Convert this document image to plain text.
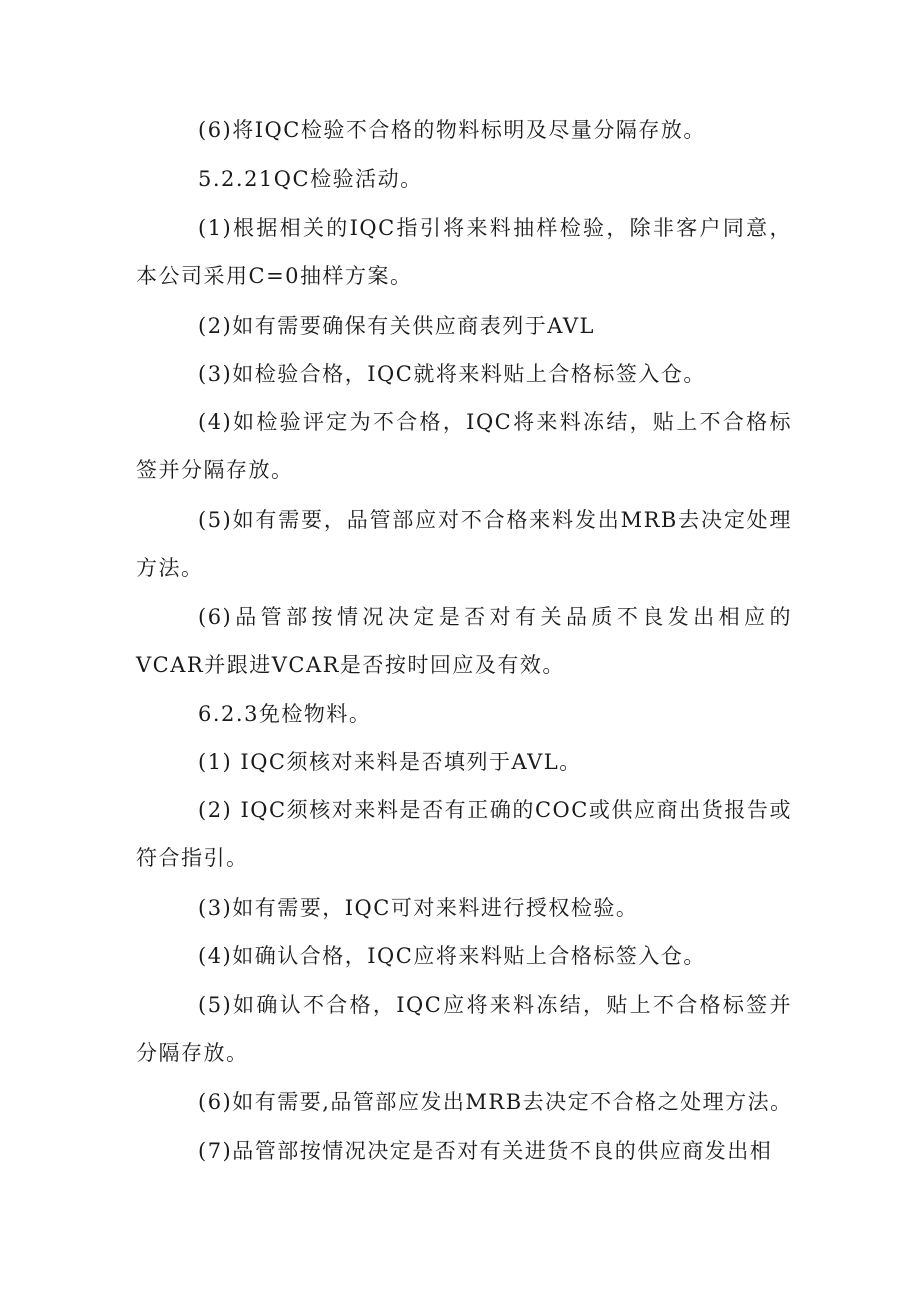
(6)将IQC检验不合格的物料标明及尽量分隔存放。

5.2.21QC检验活动。

(1)根据相关的IQC指引将来料抽样检验，除非客户同意，本公司采用C=0抽样方案。

(2)如有需要确保有关供应商表列于AVL

(3)如检验合格，IQC就将来料贴上合格标签入仓。

(4)如检验评定为不合格，IQC将来料冻结，贴上不合格标签并分隔存放。

(5)如有需要，品管部应对不合格来料发出MRB去决定处理方法。

(6)品管部按情况决定是否对有关品质不良发出相应的VCAR并跟进VCAR是否按时回应及有效。

6.2.3免检物料。

(1) IQC须核对来料是否填列于AVL。

(2) IQC须核对来料是否有正确的COC或供应商出货报告或符合指引。

(3)如有需要，IQC可对来料进行授权检验。

(4)如确认合格，IQC应将来料贴上合格标签入仓。

(5)如确认不合格，IQC应将来料冻结，贴上不合格标签并分隔存放。

(6)如有需要,品管部应发出MRB去决定不合格之处理方法。

(7)品管部按情况决定是否对有关进货不良的供应商发出相
